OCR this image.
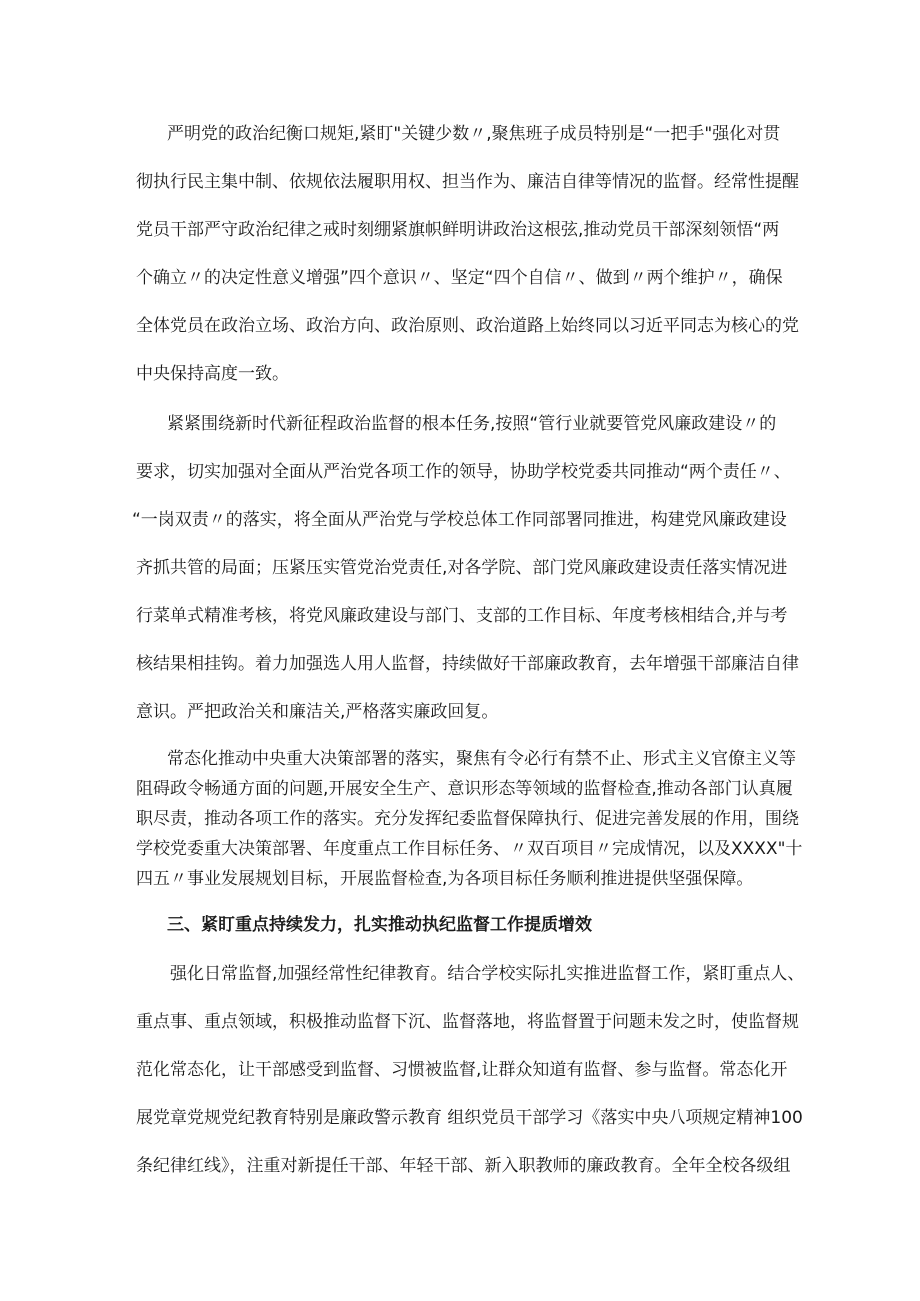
严明党的政治纪衡口规矩,紧盯"关键少数〃,聚焦班子成员特别是“一把手"强化对贯
彻执行民主集中制、依规依法履职用权、担当作为、廉洁自律等情况的监督。经常性提醒
党员干部严守政治纪律之戒时刻绷紧旗帜鲜明讲政治这根弦,推动党员干部深刻领悟“两
个确立〃的决定性意义增强”四个意识〃、坚定“四个自信〃、做到〃两个维护〃，确保
全体党员在政治立场、政治方向、政治原则、政治道路上始终同以习近平同志为核心的党
中央保持高度一致。
紧紧围绕新时代新征程政治监督的根本任务,按照“管行业就要管党风廉政建设〃的
要求，切实加强对全面从严治党各项工作的领导，协助学校党委共同推动“两个责任〃、
“一岗双责〃的落实，将全面从严治党与学校总体工作同部署同推进，构建党风廉政建设
齐抓共管的局面；压紧压实管党治党责任,对各学院、部门党风廉政建设责任落实情况进
行菜单式精准考核，将党风廉政建设与部门、支部的工作目标、年度考核相结合,并与考
核结果相挂钩。着力加强选人用人监督，持续做好干部廉政教育，去年增强干部廉洁自律
意识。严把政治关和廉洁关,严格落实廉政回复。
常态化推动中央重大决策部署的落实，聚焦有令必行有禁不止、形式主义官僚主义等
阻碍政令畅通方面的问题,开展安全生产、意识形态等领域的监督检查,推动各部门认真履
职尽责，推动各项工作的落实。充分发挥纪委监督保障执行、促进完善发展的作用，围绕
学校党委重大决策部署、年度重点工作目标任务、〃双百项目〃完成情况，以及XXXX"十
四五〃事业发展规划目标，开展监督检查,为各项目标任务顺利推进提供坚强保障。
三、紧盯重点持续发力，扎实推动执纪监督工作提质增效
强化日常监督,加强经常性纪律教育。结合学校实际扎实推进监督工作，紧盯重点人、
重点事、重点领域，积极推动监督下沉、监督落地，将监督置于问题未发之时，使监督规
范化常态化，让干部感受到监督、习惯被监督,让群众知道有监督、参与监督。常态化开
展党章党规党纪教育特别是廉政警示教育 组织党员干部学习《落实中央八项规定精神100
条纪律红线》，注重对新提任干部、年轻干部、新入职教师的廉政教育。全年全校各级组
